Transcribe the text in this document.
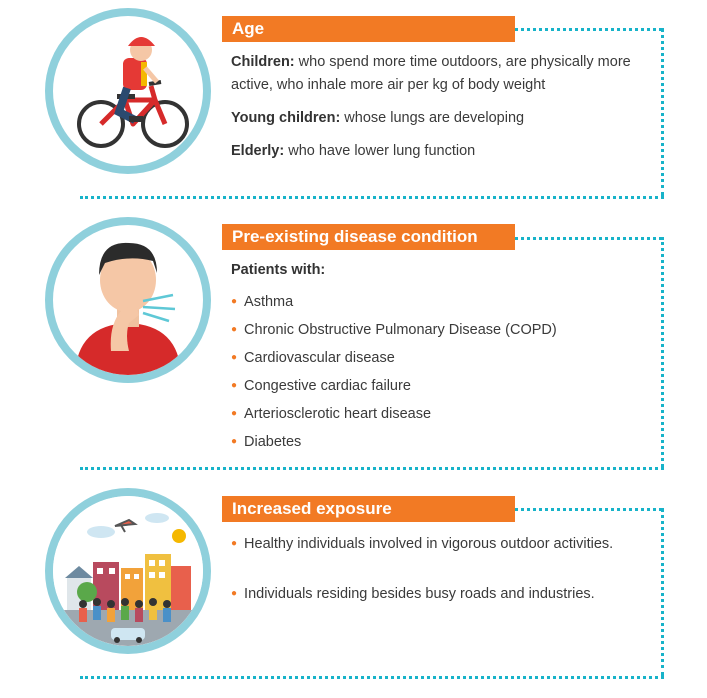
Age
Children: who spend more time outdoors, are physically more active, who inhale more air per kg of body weight
Young children: whose lungs are developing
Elderly: who have lower lung function
Pre-existing disease condition
Patients with:
● Asthma
● Chronic Obstructive Pulmonary Disease (COPD)
● Cardiovascular disease
● Congestive cardiac failure
● Arteriosclerotic heart disease
● Diabetes
Increased exposure
● Healthy individuals involved in vigorous outdoor activities.
● Individuals residing besides busy roads and industries.
